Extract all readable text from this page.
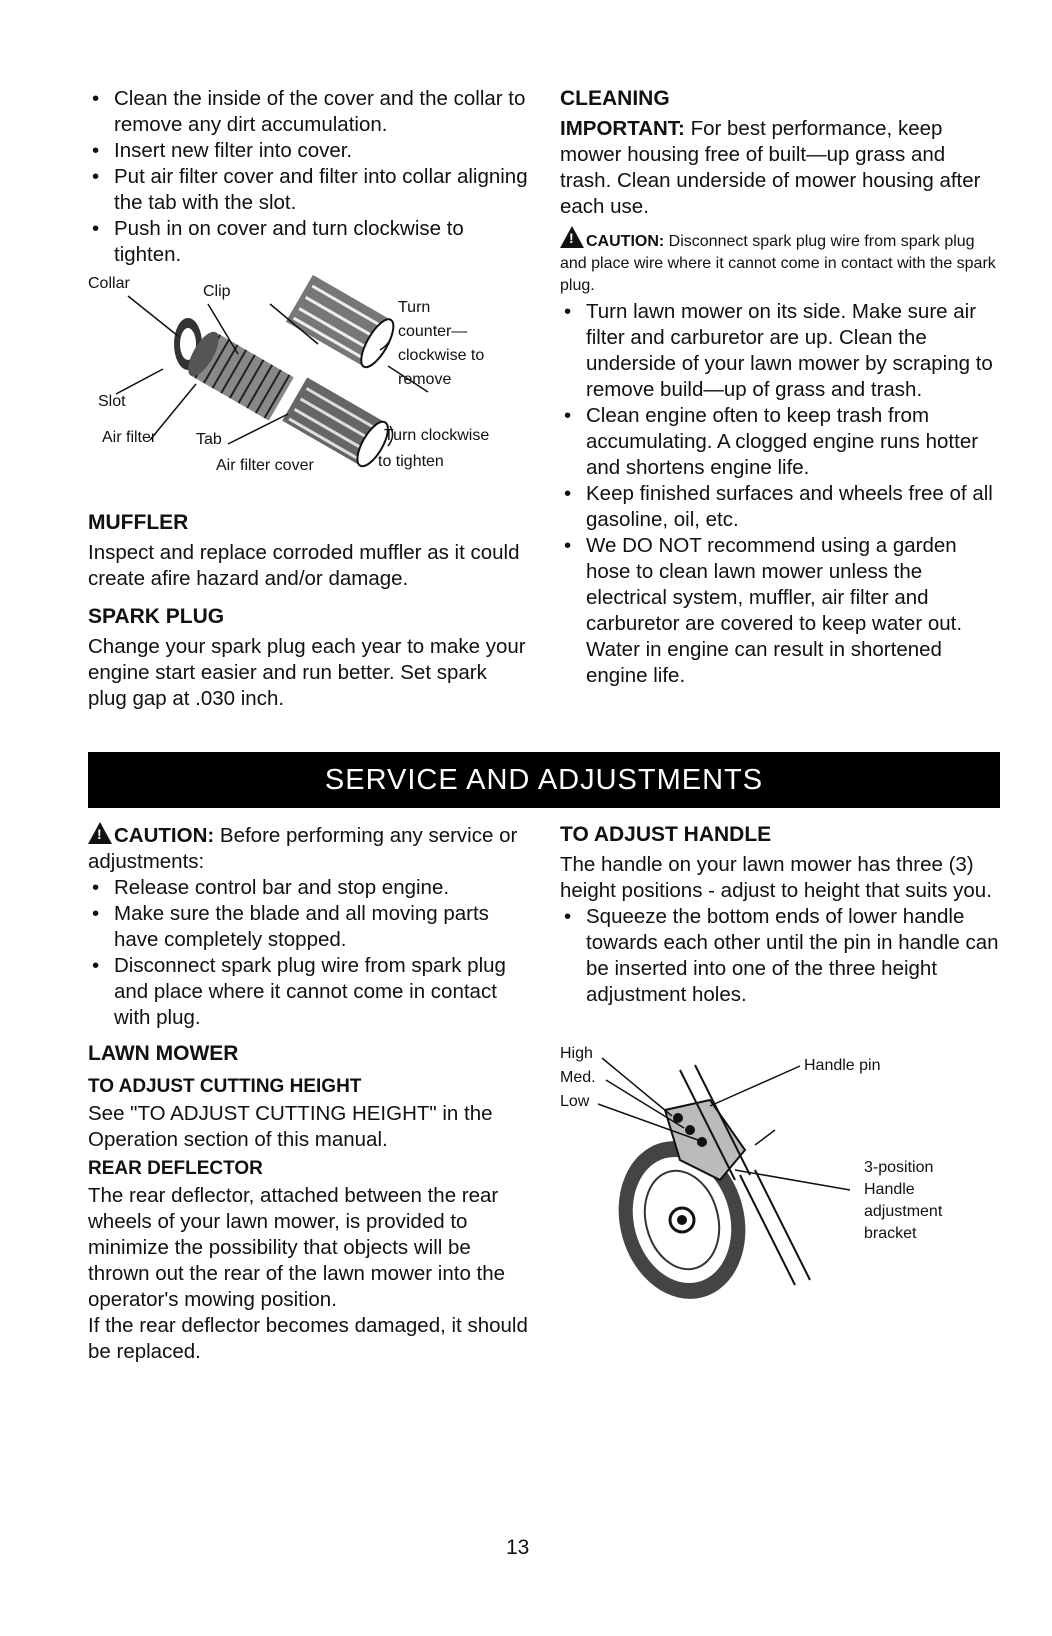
• Clean the inside of the cover and the collar to remove any dirt accumulation.
• Insert new filter into cover.
• Put air filter cover and filter into collar aligning the tab with the slot.
• Push in on cover and turn clockwise to tighten.
Collar	Clip
Slot
Air filter Tab
Air filter cover
Turn
counter—
clockwise to
remove
Turn clockwise
to tighten
MUFFLER

Inspect and replace corroded muffler as it could create afire hazard and/or damage.

SPARK PLUG

Change your spark plug each year to make your engine start easier and run better. Set spark plug gap at .030 inch.

CLEANING

IMPORTANT: For best performance, keep mower housing free of built—up grass and trash. Clean underside of mower housing after each use.

! CAUTION: Disconnect spark plug wire from spark plug and place wire where it cannot come in contact with the spark plug.

• Turn lawn mower on its side. Make sure air filter and carburetor are up. Clean the underside of your lawn mower by scraping to remove build—up of grass and trash.
• Clean engine often to keep trash from accumulating. A clogged engine runs hotter and shortens engine life.
• Keep finished surfaces and wheels free of all gasoline, oil, etc.
• We DO NOT recommend using a garden hose to clean lawn mower unless the electrical system, muffler, air filter and carburetor are covered to keep water out. Water in engine can result in shortened engine life.
SERVICE AND ADJUSTMENTS

! CAUTION: Before performing any service or adjustments:

• Release control bar and stop engine.
• Make sure the blade and all moving parts have completely stopped.
• Disconnect spark plug wire from spark plug and place where it cannot come in contact with plug.
LAWN MOWER
TO ADJUST CUTTING HEIGHT

See "TO ADJUST CUTTING HEIGHT" in the Operation section of this manual.

REAR DEFLECTOR

The rear deflector, attached between the rear wheels of your lawn mower, is provided to minimize the possibility that objects will be thrown out the rear of the lawn mower into the operator's mowing position.

If the rear deflector becomes damaged, it should be replaced.

TO ADJUST HANDLE

The handle on your lawn mower has three (3) height positions - adjust to height that suits you.

• Squeeze the bottom ends of lower handle towards each other until the pin in handle can be inserted into one of the three height adjustment holes.
High
Med.
Low
Handle pin
3-position
Handle
adjustment
bracket
13
